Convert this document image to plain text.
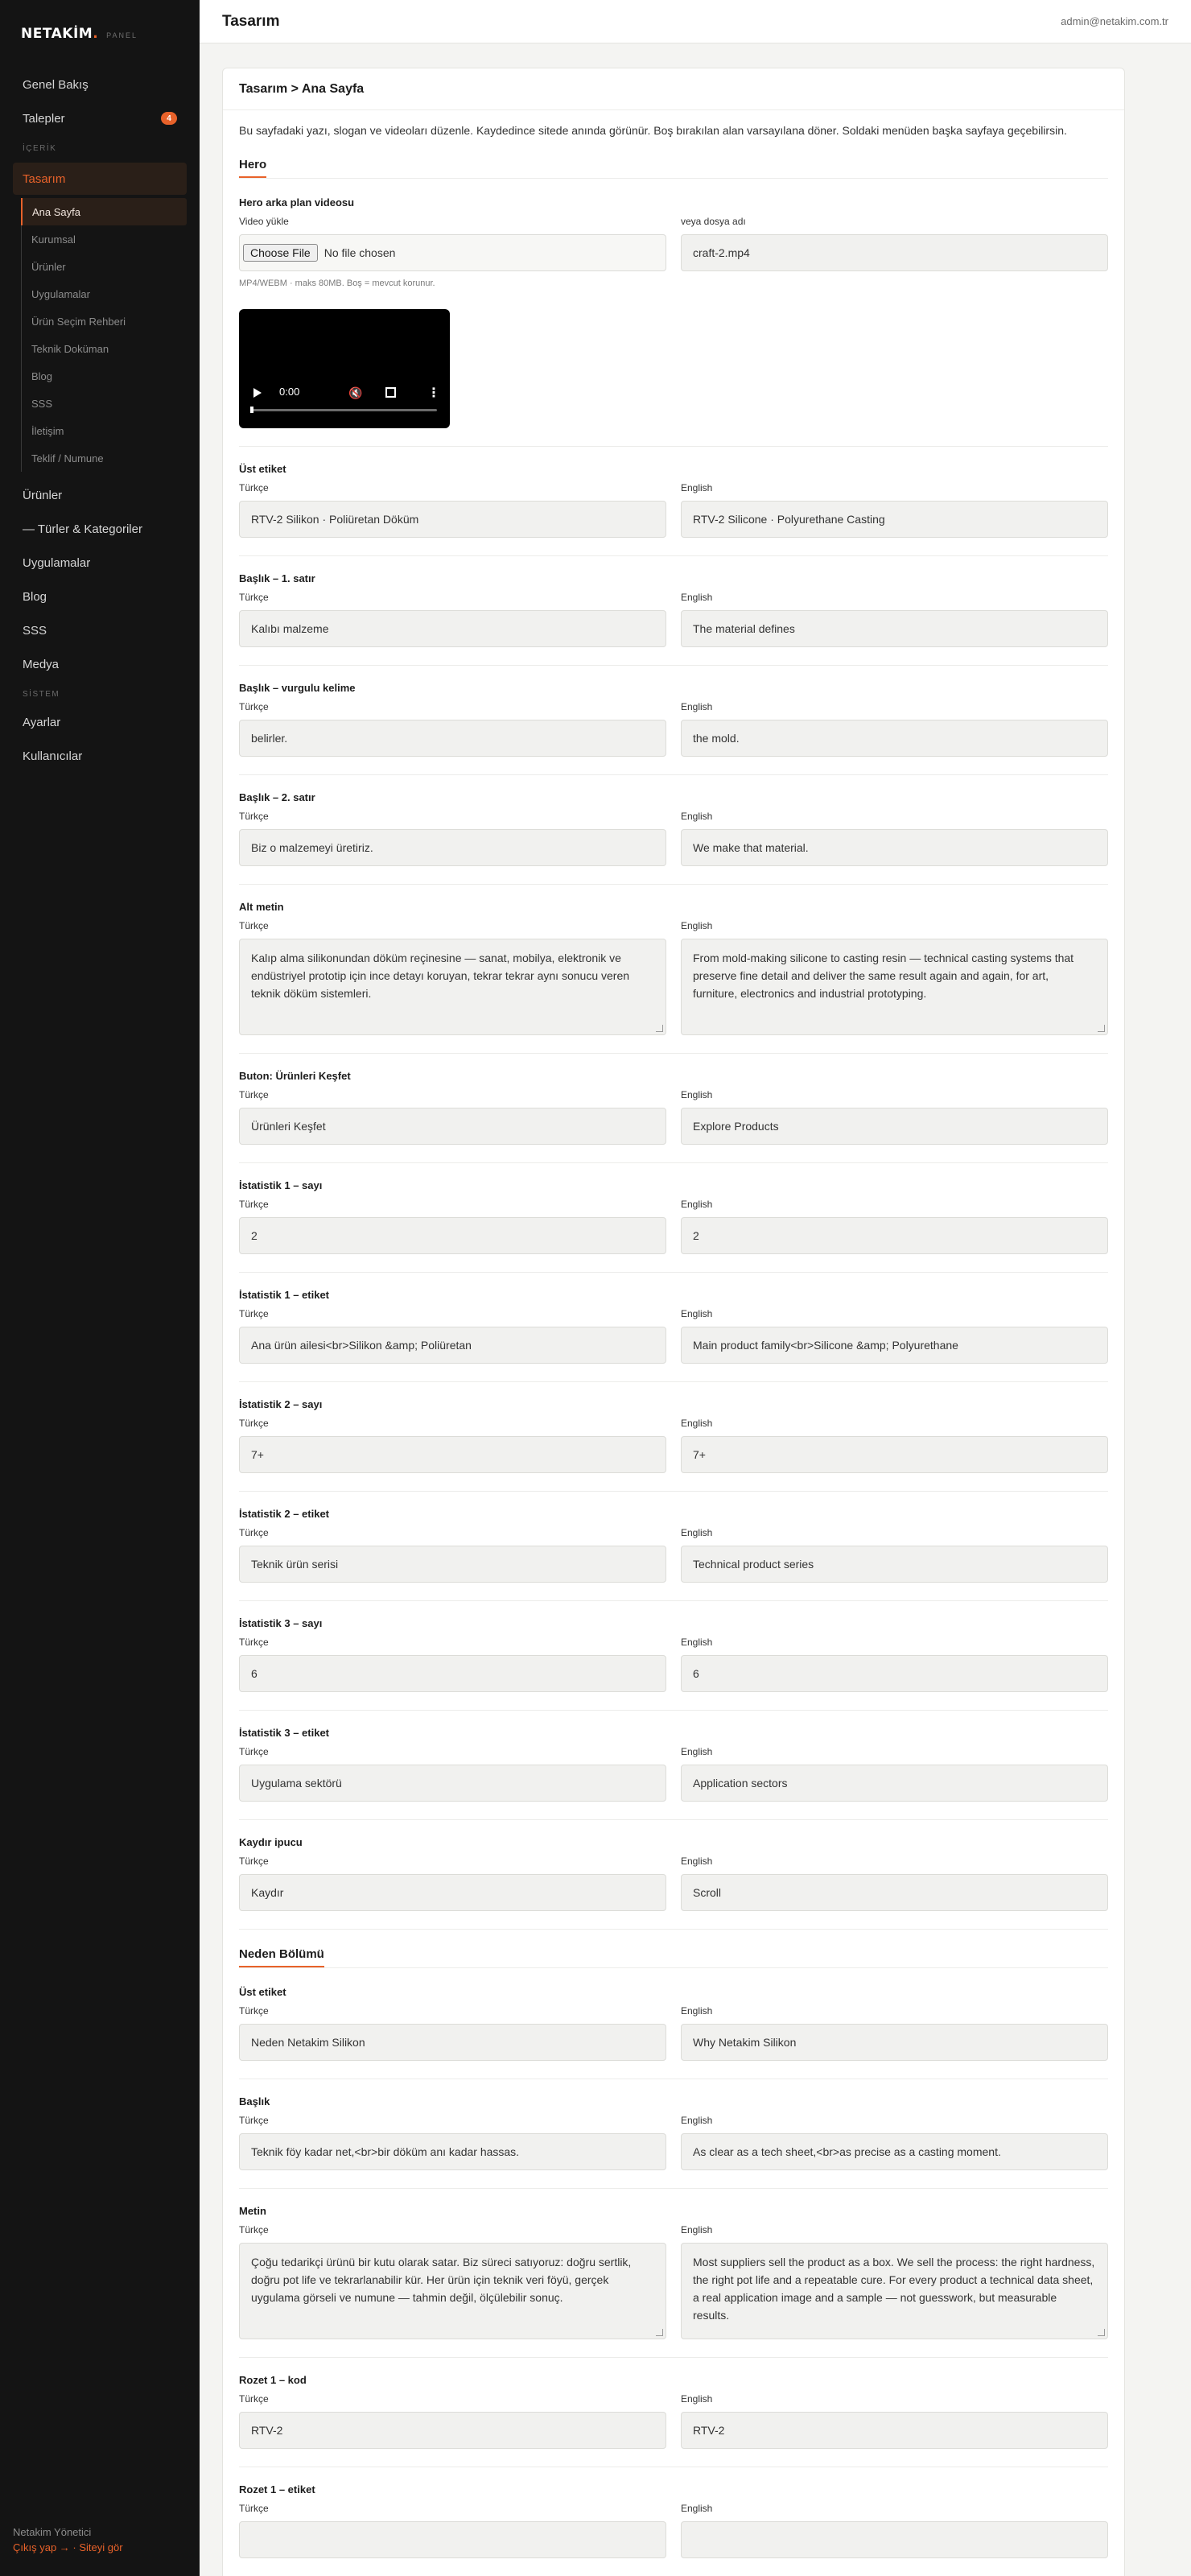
NETAKİM. PANEL
Genel Bakış
Talepler	4
İÇERİK
Tasarım
Ana Sayfa
Kurumsal
Ürünler
Uygulamalar
Ürün Seçim Rehberi
Teknik Doküman
Blog
SSS
İletişim
Teklif / Numune
Ürünler
— Türler & Kategoriler
Uygulamalar
Blog
SSS
Medya
SİSTEM
Ayarlar
Kullanıcılar
Netakim Yönetici
Çıkış yap → · Siteyi gör
Tasarım	admin@netakim.com.tr
Tasarım > Ana Sayfa

Bu sayfadaki yazı, slogan ve videoları düzenle. Kaydedince sitede anında görünür. Boş bırakılan alan varsayılana döner. Soldaki menüden başka sayfaya geçebilirsin.

Hero
Hero arka plan videosu
Video yükle
Choose File	No file chosen
MP4/WEBM · maks 80MB. Boş = mevcut korunur.
veya dosya adı
craft-2.mp4
0:00	🔇	⋮
Üst etiket
Türkçe
RTV-2 Silikon · Poliüretan Döküm
English
RTV-2 Silicone · Polyurethane Casting
Başlık – 1. satır
Türkçe
Kalıbı malzeme
English
The material defines
Başlık – vurgulu kelime
Türkçe
belirler.
English
the mold.
Başlık – 2. satır
Türkçe
Biz o malzemeyi üretiriz.
English
We make that material.
Alt metin
Türkçe
Kalıp alma silikonundan döküm reçinesine — sanat, mobilya, elektronik ve endüstriyel prototip için ince detayı koruyan, tekrar tekrar aynı sonucu veren teknik döküm sistemleri.
English
From mold-making silicone to casting resin — technical casting systems that preserve fine detail and deliver the same result again and again, for art, furniture, electronics and industrial prototyping.
Buton: Ürünleri Keşfet
Türkçe
Ürünleri Keşfet
English
Explore Products
İstatistik 1 – sayı
Türkçe
2
English
2
İstatistik 1 – etiket
Türkçe
Ana ürün ailesi<br>Silikon &amp; Poliüretan
English
Main product family<br>Silicone &amp; Polyurethane
İstatistik 2 – sayı
Türkçe
7+
English
7+
İstatistik 2 – etiket
Türkçe
Teknik ürün serisi
English
Technical product series
İstatistik 3 – sayı
Türkçe
6
English
6
İstatistik 3 – etiket
Türkçe
Uygulama sektörü
English
Application sectors
Kaydır ipucu
Türkçe
Kaydır
English
Scroll
Neden Bölümü
Üst etiket
Türkçe
Neden Netakim Silikon
English
Why Netakim Silikon
Başlık
Türkçe
Teknik föy kadar net,<br>bir döküm anı kadar hassas.
English
As clear as a tech sheet,<br>as precise as a casting moment.
Metin
Türkçe
Çoğu tedarikçi ürünü bir kutu olarak satar. Biz süreci satıyoruz: doğru sertlik, doğru pot life ve tekrarlanabilir kür. Her ürün için teknik veri föyü, gerçek uygulama görseli ve numune — tahmin değil, ölçülebilir sonuç.
English
Most suppliers sell the product as a box. We sell the process: the right hardness, the right pot life and a repeatable cure. For every product a technical data sheet, a real application image and a sample — not guesswork, but measurable results.
Rozet 1 – kod
Türkçe
RTV-2
English
RTV-2
Rozet 1 – etiket
Türkçe	English
